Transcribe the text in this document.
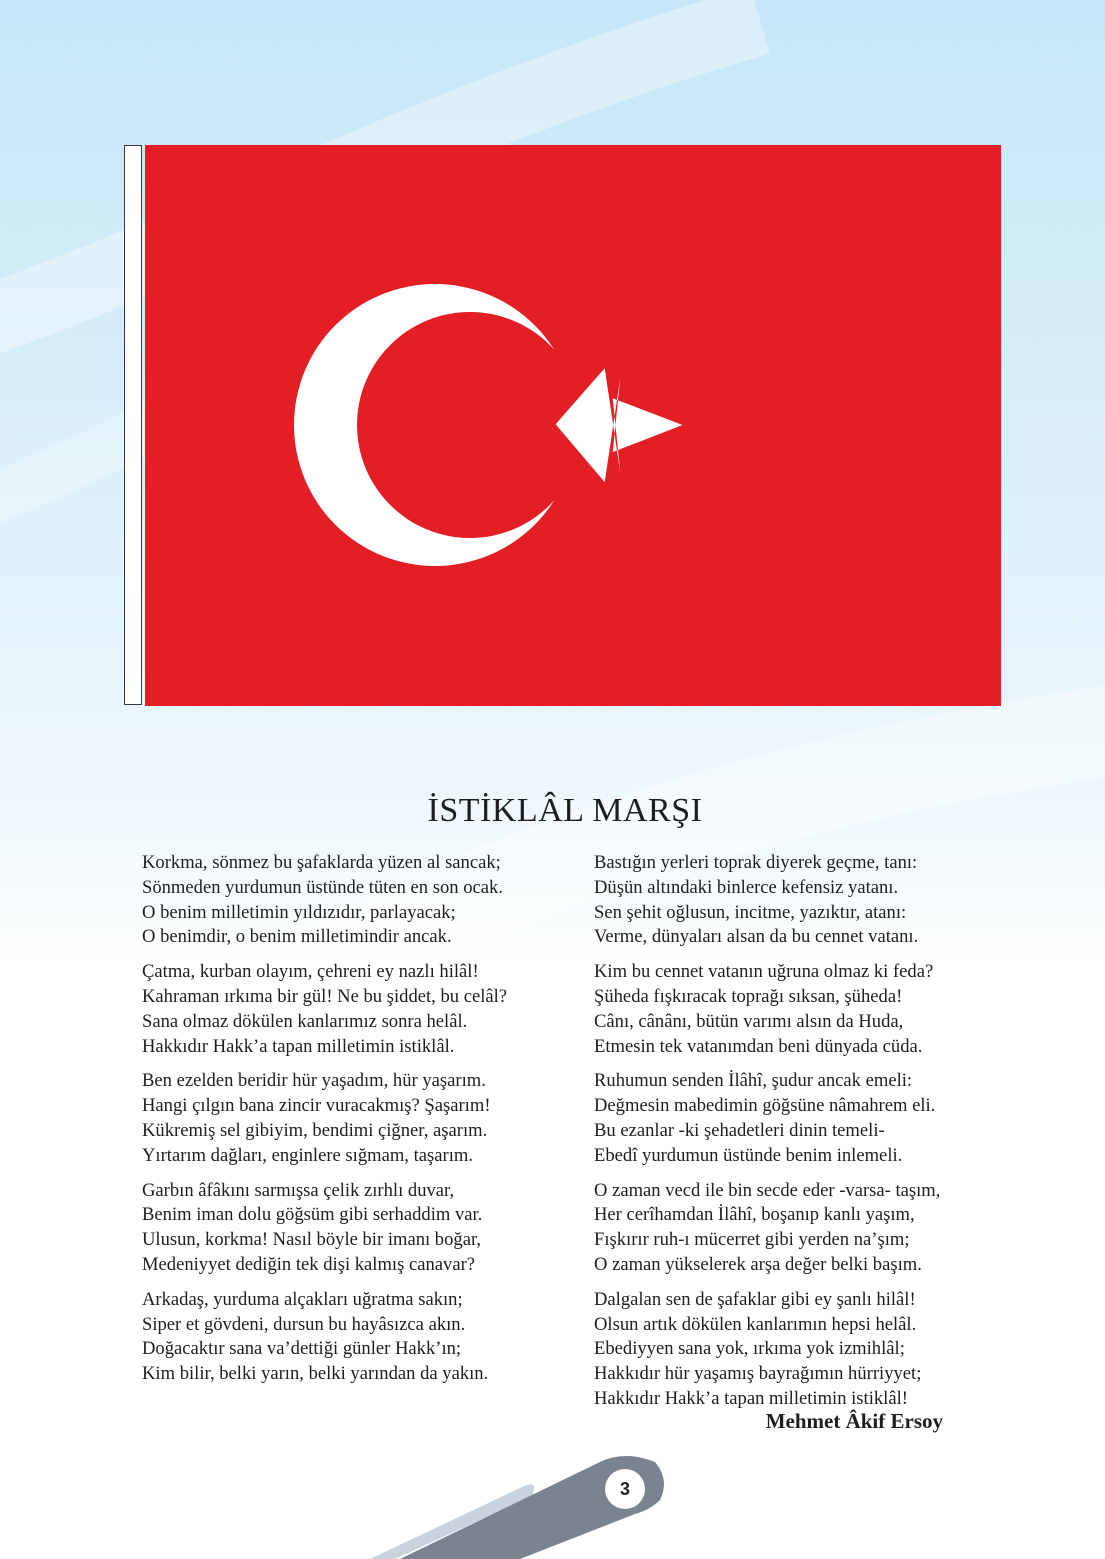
İSTİKLÂL MARŞI
Korkma, sönmez bu şafaklarda yüzen al sancak;
Sönmeden yurdumun üstünde tüten en son ocak.
O benim milletimin yıldızıdır, parlayacak;
O benimdir, o benim milletimindir ancak.
Çatma, kurban olayım, çehreni ey nazlı hilâl!
Kahraman ırkıma bir gül! Ne bu şiddet, bu celâl?
Sana olmaz dökülen kanlarımız sonra helâl.
Hakkıdır Hakk’a tapan milletimin istiklâl.
Ben ezelden beridir hür yaşadım, hür yaşarım.
Hangi çılgın bana zincir vuracakmış? Şaşarım!
Kükremiş sel gibiyim, bendimi çiğner, aşarım.
Yırtarım dağları, enginlere sığmam, taşarım.
Garbın âfâkını sarmışsa çelik zırhlı duvar,
Benim iman dolu göğsüm gibi serhaddim var.
Ulusun, korkma! Nasıl böyle bir imanı boğar,
Medeniyyet dediğin tek dişi kalmış canavar?
Arkadaş, yurduma alçakları uğratma sakın;
Siper et gövdeni, dursun bu hayâsızca akın.
Doğacaktır sana va’dettiği günler Hakk’ın;
Kim bilir, belki yarın, belki yarından da yakın.
Bastığın yerleri toprak diyerek geçme, tanı:
Düşün altındaki binlerce kefensiz yatanı.
Sen şehit oğlusun, incitme, yazıktır, atanı:
Verme, dünyaları alsan da bu cennet vatanı.
Kim bu cennet vatanın uğruna olmaz ki feda?
Şüheda fışkıracak toprağı sıksan, şüheda!
Cânı, cânânı, bütün varımı alsın da Huda,
Etmesin tek vatanımdan beni dünyada cüda.
Ruhumun senden İlâhî, şudur ancak emeli:
Değmesin mabedimin göğsüne nâmahrem eli.
Bu ezanlar -ki şehadetleri dinin temeli-
Ebedî yurdumun üstünde benim inlemeli.
O zaman vecd ile bin secde eder -varsa- taşım,
Her cerîhamdan İlâhî, boşanıp kanlı yaşım,
Fışkırır ruh-ı mücerret gibi yerden na’şım;
O zaman yükselerek arşa değer belki başım.
Dalgalan sen de şafaklar gibi ey şanlı hilâl!
Olsun artık dökülen kanlarımın hepsi helâl.
Ebediyyen sana yok, ırkıma yok izmihlâl;
Hakkıdır hür yaşamış bayrağımın hürriyyet;
Hakkıdır Hakk’a tapan milletimin istiklâl!
Mehmet Âkif Ersoy
3
